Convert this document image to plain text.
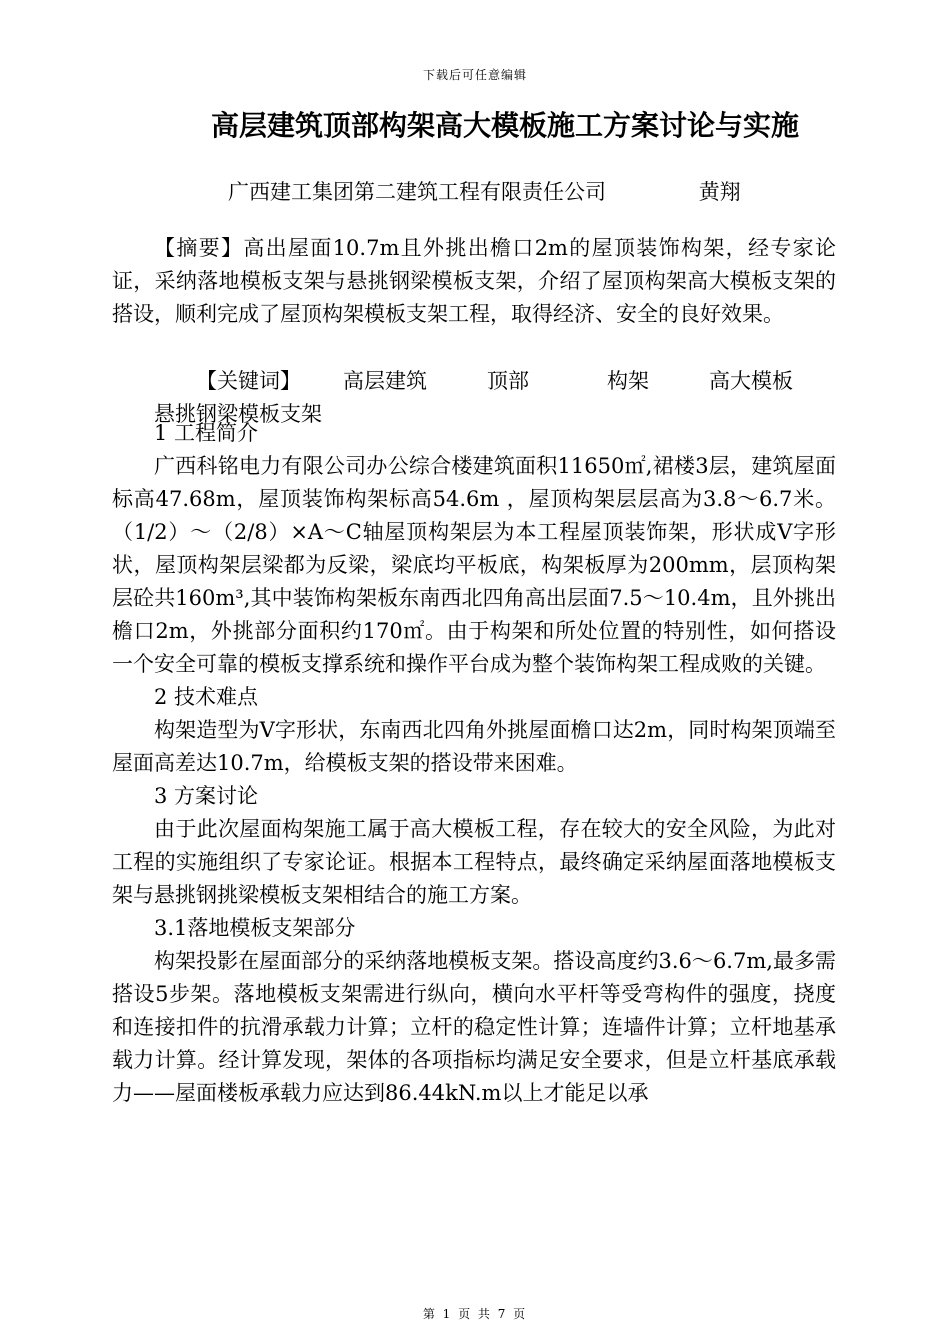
下载后可任意编辑
高层建筑顶部构架高大模板施工方案讨论与实施
广西建工集团第二建筑工程有限责任公司	黄翔

【摘要】高出屋面10.7m且外挑出檐口2m的屋顶装饰构架，经专家论证，采纳落地模板支架与悬挑钢梁模板支架，介绍了屋顶构架高大模板支架的搭设，顺利完成了屋顶构架模板支架工程，取得经济、安全的良好效果。

【关键词】 高层建筑	顶部	构架	高大模板悬挑钢梁模板支架

1 工程简介

广西科铭电力有限公司办公综合楼建筑面积11650㎡,裙楼3层，建筑屋面标高47.68m，屋顶装饰构架标高54.6m ，屋顶构架层层高为3.8～6.7米。（1/2）～（2/8）×A～C轴屋顶构架层为本工程屋顶装饰架，形状成V字形状，屋顶构架层梁都为反梁，梁底均平板底，构架板厚为200mm，层顶构架层砼共160m³,其中装饰构架板东南西北四角高出层面7.5～10.4m，且外挑出檐口2m，外挑部分面积约170㎡。由于构架和所处位置的特别性，如何搭设一个安全可靠的模板支撑系统和操作平台成为整个装饰构架工程成败的关键。

2 技术难点

构架造型为V字形状，东南西北四角外挑屋面檐口达2m，同时构架顶端至屋面高差达10.7m，给模板支架的搭设带来困难。

3 方案讨论

由于此次屋面构架施工属于高大模板工程，存在较大的安全风险，为此对工程的实施组织了专家论证。根据本工程特点，最终确定采纳屋面落地模板支架与悬挑钢挑梁模板支架相结合的施工方案。

3.1落地模板支架部分

构架投影在屋面部分的采纳落地模板支架。搭设高度约3.6～6.7m,最多需搭设5步架。落地模板支架需进行纵向，横向水平杆等受弯构件的强度，挠度和连接扣件的抗滑承载力计算；立杆的稳定性计算；连墙件计算；立杆地基承载力计算。经计算发现，架体的各项指标均满足安全要求，但是立杆基底承载力——屋面楼板承载力应达到86.44kN.m以上才能足以承

第 1 页 共 7 页
